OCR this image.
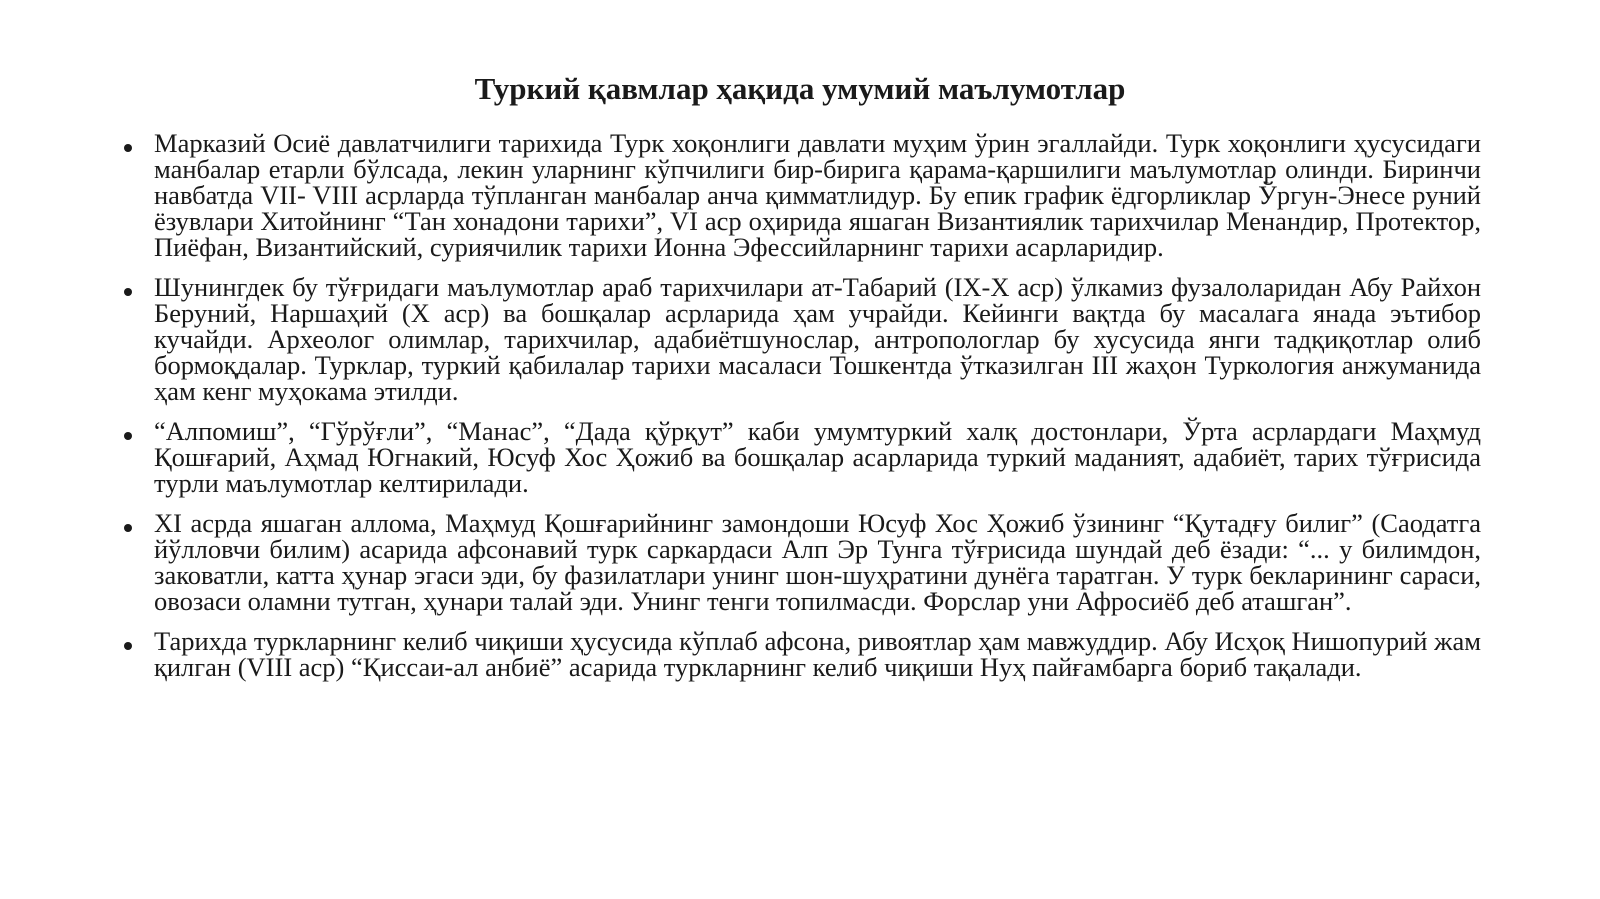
Туркий қавмлар ҳақида умумий маълумотлар
Марказий Осиё давлатчилиги тарихида Турк хоқонлиги давлати муҳим ўрин эгаллайди. Турк хоқонлиги ҳусусидаги манбалар етарли бўлсада, лекин уларнинг кўпчилиги бир-бирига қарама-қаршилиги маълумотлар олинди. Биринчи навбатда VII- VIII асрларда тўпланган манбалар анча қимматлидур. Бу епик график ёдгорликлар Ўргун-Энесе руний ёзувлари Хитойнинг “Тан хонадони тарихи”, VI аср оҳирида яшаган Византиялик тарихчилар Менандир, Протектор, Пиёфан, Византийский, суриячилик тарихи Ионна Эфессийларнинг тарихи асарларидир.
Шунингдек бу тўғридаги маълумотлар араб тарихчилари ат-Табарий (IX-X аср) ўлкамиз фузалоларидан Абу Райхон Беруний, Наршаҳий (Х аср) ва бошқалар асрларида ҳам учрайди. Кейинги вақтда бу масалага янада эътибор кучайди. Археолог олимлар, тарихчилар, адабиётшунослар, антропологлар бу хусусида янги тадқиқотлар олиб бормоқдалар. Турклар, туркий қабилалар тарихи масаласи Тошкентда ўтказилган III жаҳон Туркология анжуманида ҳам кенг муҳокама этилди.
“Алпомиш”, “Гўрўғли”, “Манас”, “Дада қўрқут” каби умумтуркий халқ достонлари, Ўрта асрлардаги Маҳмуд Қошғарий, Аҳмад Югнакий, Юсуф Хос Ҳожиб ва бошқалар асарларида туркий маданият, адабиёт, тарих тўғрисида турли маълумотлар келтирилади.
XI асрда яшаган аллома, Маҳмуд Қошғарийнинг замондоши Юсуф Хос Ҳожиб ўзининг “Қутадғу билиг” (Саодатга йўлловчи билим) асарида афсонавий турк саркардаси Алп Эр Тунга тўғрисида шундай деб ёзади: “... у билимдон, заковатли, катта ҳунар эгаси эди, бу фазилатлари унинг шон-шуҳратини дунёга таратган. У турк бекларининг сараси, овозаси оламни тутган, ҳунари талай эди. Унинг тенги топилмасди. Форслар уни Афросиёб деб аташган”.
Тарихда туркларнинг келиб чиқиши ҳусусида кўплаб афсона, ривоятлар ҳам мавжуддир. Абу Исҳоқ Нишопурий жам қилган (VIII аср) “Қиссаи-ал анбиё” асарида туркларнинг келиб чиқиши Нуҳ пайғамбарга бориб тақалади.
